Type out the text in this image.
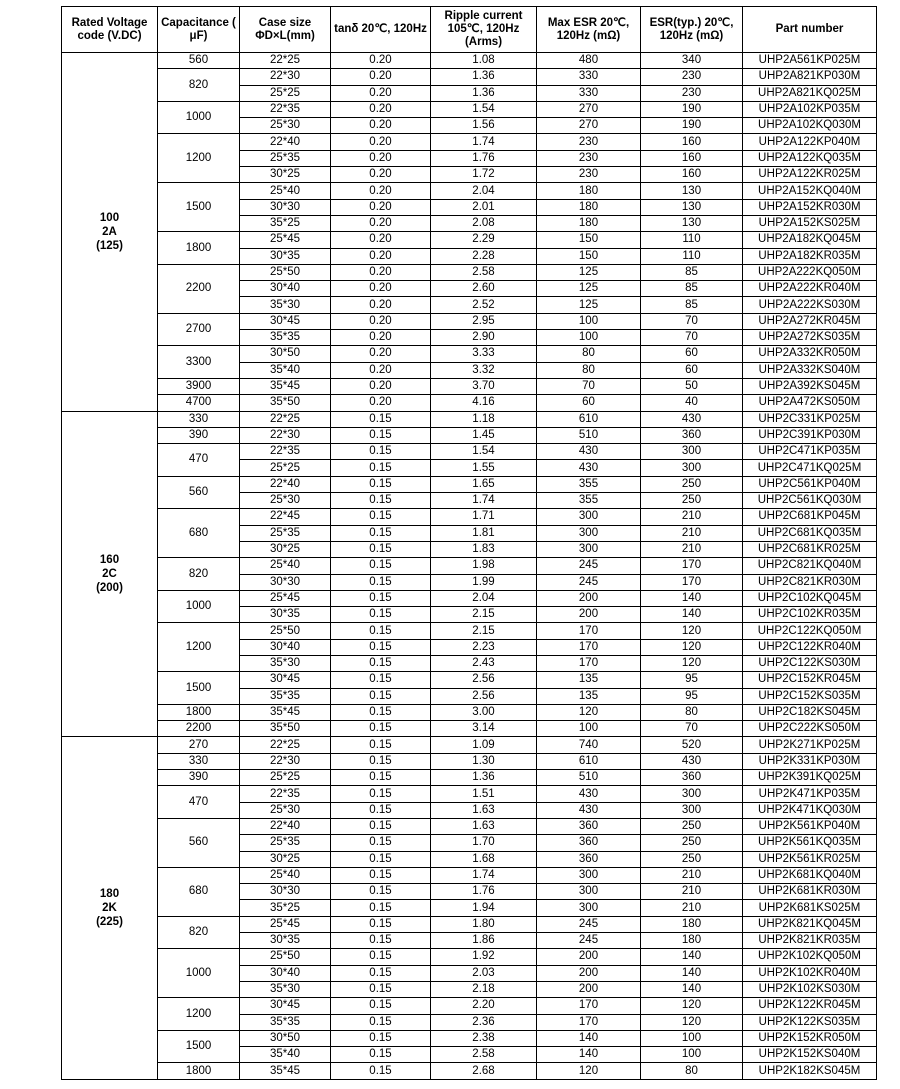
Rated Voltage code (V.DC)	Capacitance ( μF)	Case size ΦD×L(mm)	tanδ 20℃, 120Hz	Ripple current 105℃, 120Hz (Arms)	Max ESR 20℃, 120Hz (mΩ)	ESR(typ.) 20℃, 120Hz (mΩ)	Part number
100
2A
(125)	560	22*25	0.20	1.08	480	340	UHP2A561KP025M
	820	22*30	0.20	1.36	330	230	UHP2A821KP030M
		25*25	0.20	1.36	330	230	UHP2A821KQ025M
	1000	22*35	0.20	1.54	270	190	UHP2A102KP035M
		25*30	0.20	1.56	270	190	UHP2A102KQ030M
	1200	22*40	0.20	1.74	230	160	UHP2A122KP040M
		25*35	0.20	1.76	230	160	UHP2A122KQ035M
		30*25	0.20	1.72	230	160	UHP2A122KR025M
	1500	25*40	0.20	2.04	180	130	UHP2A152KQ040M
		30*30	0.20	2.01	180	130	UHP2A152KR030M
		35*25	0.20	2.08	180	130	UHP2A152KS025M
	1800	25*45	0.20	2.29	150	110	UHP2A182KQ045M
		30*35	0.20	2.28	150	110	UHP2A182KR035M
	2200	25*50	0.20	2.58	125	85	UHP2A222KQ050M
		30*40	0.20	2.60	125	85	UHP2A222KR040M
		35*30	0.20	2.52	125	85	UHP2A222KS030M
	2700	30*45	0.20	2.95	100	70	UHP2A272KR045M
		35*35	0.20	2.90	100	70	UHP2A272KS035M
	3300	30*50	0.20	3.33	80	60	UHP2A332KR050M
		35*40	0.20	3.32	80	60	UHP2A332KS040M
	3900	35*45	0.20	3.70	70	50	UHP2A392KS045M
	4700	35*50	0.20	4.16	60	40	UHP2A472KS050M
160
2C
(200)	330	22*25	0.15	1.18	610	430	UHP2C331KP025M
	390	22*30	0.15	1.45	510	360	UHP2C391KP030M
	470	22*35	0.15	1.54	430	300	UHP2C471KP035M
		25*25	0.15	1.55	430	300	UHP2C471KQ025M
	560	22*40	0.15	1.65	355	250	UHP2C561KP040M
		25*30	0.15	1.74	355	250	UHP2C561KQ030M
	680	22*45	0.15	1.71	300	210	UHP2C681KP045M
		25*35	0.15	1.81	300	210	UHP2C681KQ035M
		30*25	0.15	1.83	300	210	UHP2C681KR025M
	820	25*40	0.15	1.98	245	170	UHP2C821KQ040M
		30*30	0.15	1.99	245	170	UHP2C821KR030M
	1000	25*45	0.15	2.04	200	140	UHP2C102KQ045M
		30*35	0.15	2.15	200	140	UHP2C102KR035M
	1200	25*50	0.15	2.15	170	120	UHP2C122KQ050M
		30*40	0.15	2.23	170	120	UHP2C122KR040M
		35*30	0.15	2.43	170	120	UHP2C122KS030M
	1500	30*45	0.15	2.56	135	95	UHP2C152KR045M
		35*35	0.15	2.56	135	95	UHP2C152KS035M
	1800	35*45	0.15	3.00	120	80	UHP2C182KS045M
	2200	35*50	0.15	3.14	100	70	UHP2C222KS050M
180
2K
(225)	270	22*25	0.15	1.09	740	520	UHP2K271KP025M
	330	22*30	0.15	1.30	610	430	UHP2K331KP030M
	390	25*25	0.15	1.36	510	360	UHP2K391KQ025M
	470	22*35	0.15	1.51	430	300	UHP2K471KP035M
		25*30	0.15	1.63	430	300	UHP2K471KQ030M
	560	22*40	0.15	1.63	360	250	UHP2K561KP040M
		25*35	0.15	1.70	360	250	UHP2K561KQ035M
		30*25	0.15	1.68	360	250	UHP2K561KR025M
	680	25*40	0.15	1.74	300	210	UHP2K681KQ040M
		30*30	0.15	1.76	300	210	UHP2K681KR030M
		35*25	0.15	1.94	300	210	UHP2K681KS025M
	820	25*45	0.15	1.80	245	180	UHP2K821KQ045M
		30*35	0.15	1.86	245	180	UHP2K821KR035M
	1000	25*50	0.15	1.92	200	140	UHP2K102KQ050M
		30*40	0.15	2.03	200	140	UHP2K102KR040M
		35*30	0.15	2.18	200	140	UHP2K102KS030M
	1200	30*45	0.15	2.20	170	120	UHP2K122KR045M
		35*35	0.15	2.36	170	120	UHP2K122KS035M
	1500	30*50	0.15	2.38	140	100	UHP2K152KR050M
		35*40	0.15	2.58	140	100	UHP2K152KS040M
	1800	35*45	0.15	2.68	120	80	UHP2K182KS045M
